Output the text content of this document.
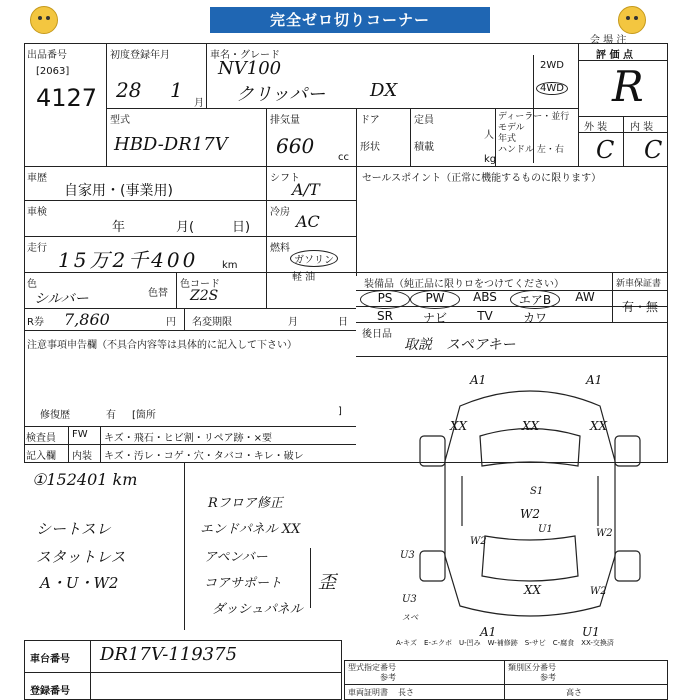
完全ゼロ切りコーナー
会 場 注
出品番号
[2063]
4127
初度登録年月
28 1
月
車名・グレード
NV100
クリッパー DX
2WD
4WD
評 価 点
R
外 装 内 装
C C
型式
HBD-DR17V
排気量
660 cc
ドア
形状
定員
人
積載
kg
ディーラー・並行
モデル
年式
ハンドル 左・右
車歴
自家用・(事業用)
車検
年	月(	日)
走行 15万2千400 km
色
シルバー	色替
色コード
Z2S
シフト
A/T
冷房 AC
燃料
ガソリン
軽 油
セールスポイント（正常に機能するものに限ります）
R券 7,860	円 名変期限	月	日
注意事項申告欄（不具合内容等は具体的に記入して下さい）
修復歴	有 [箇所	]
装備品（純正品に限りロをつけてください）
PS	PW	ABS	エアB	AW
SR	ナビ	TV	カワ
新車保証書
有・無
後日品
取説　スペアキー
検査員 FW キズ・飛石・ヒビ割・リペア跡・×要
記入欄 内装 キズ・汚レ・コゲ・穴・タバコ・キレ・破レ
①152401 km
シートスレ
スタットレス
A・U・W2
Rフロア修正
エンドパネル XX
アペンバー
コアサポート
ダッシュパネル
歪
A1	A1
XX	XX	XX
S1
W2
U1
W2
U3
W2
XX
U3
W2
A1	U1
スベ
A-キズ　E-エクボ　U-凹み　W-補修跡　S-サビ　C-腐食　XX-交換済
車台番号 DR17V-119375
登録番号
型式指定番号
参考
類別区分番号
参考
車両証明書 長さ	高さ
